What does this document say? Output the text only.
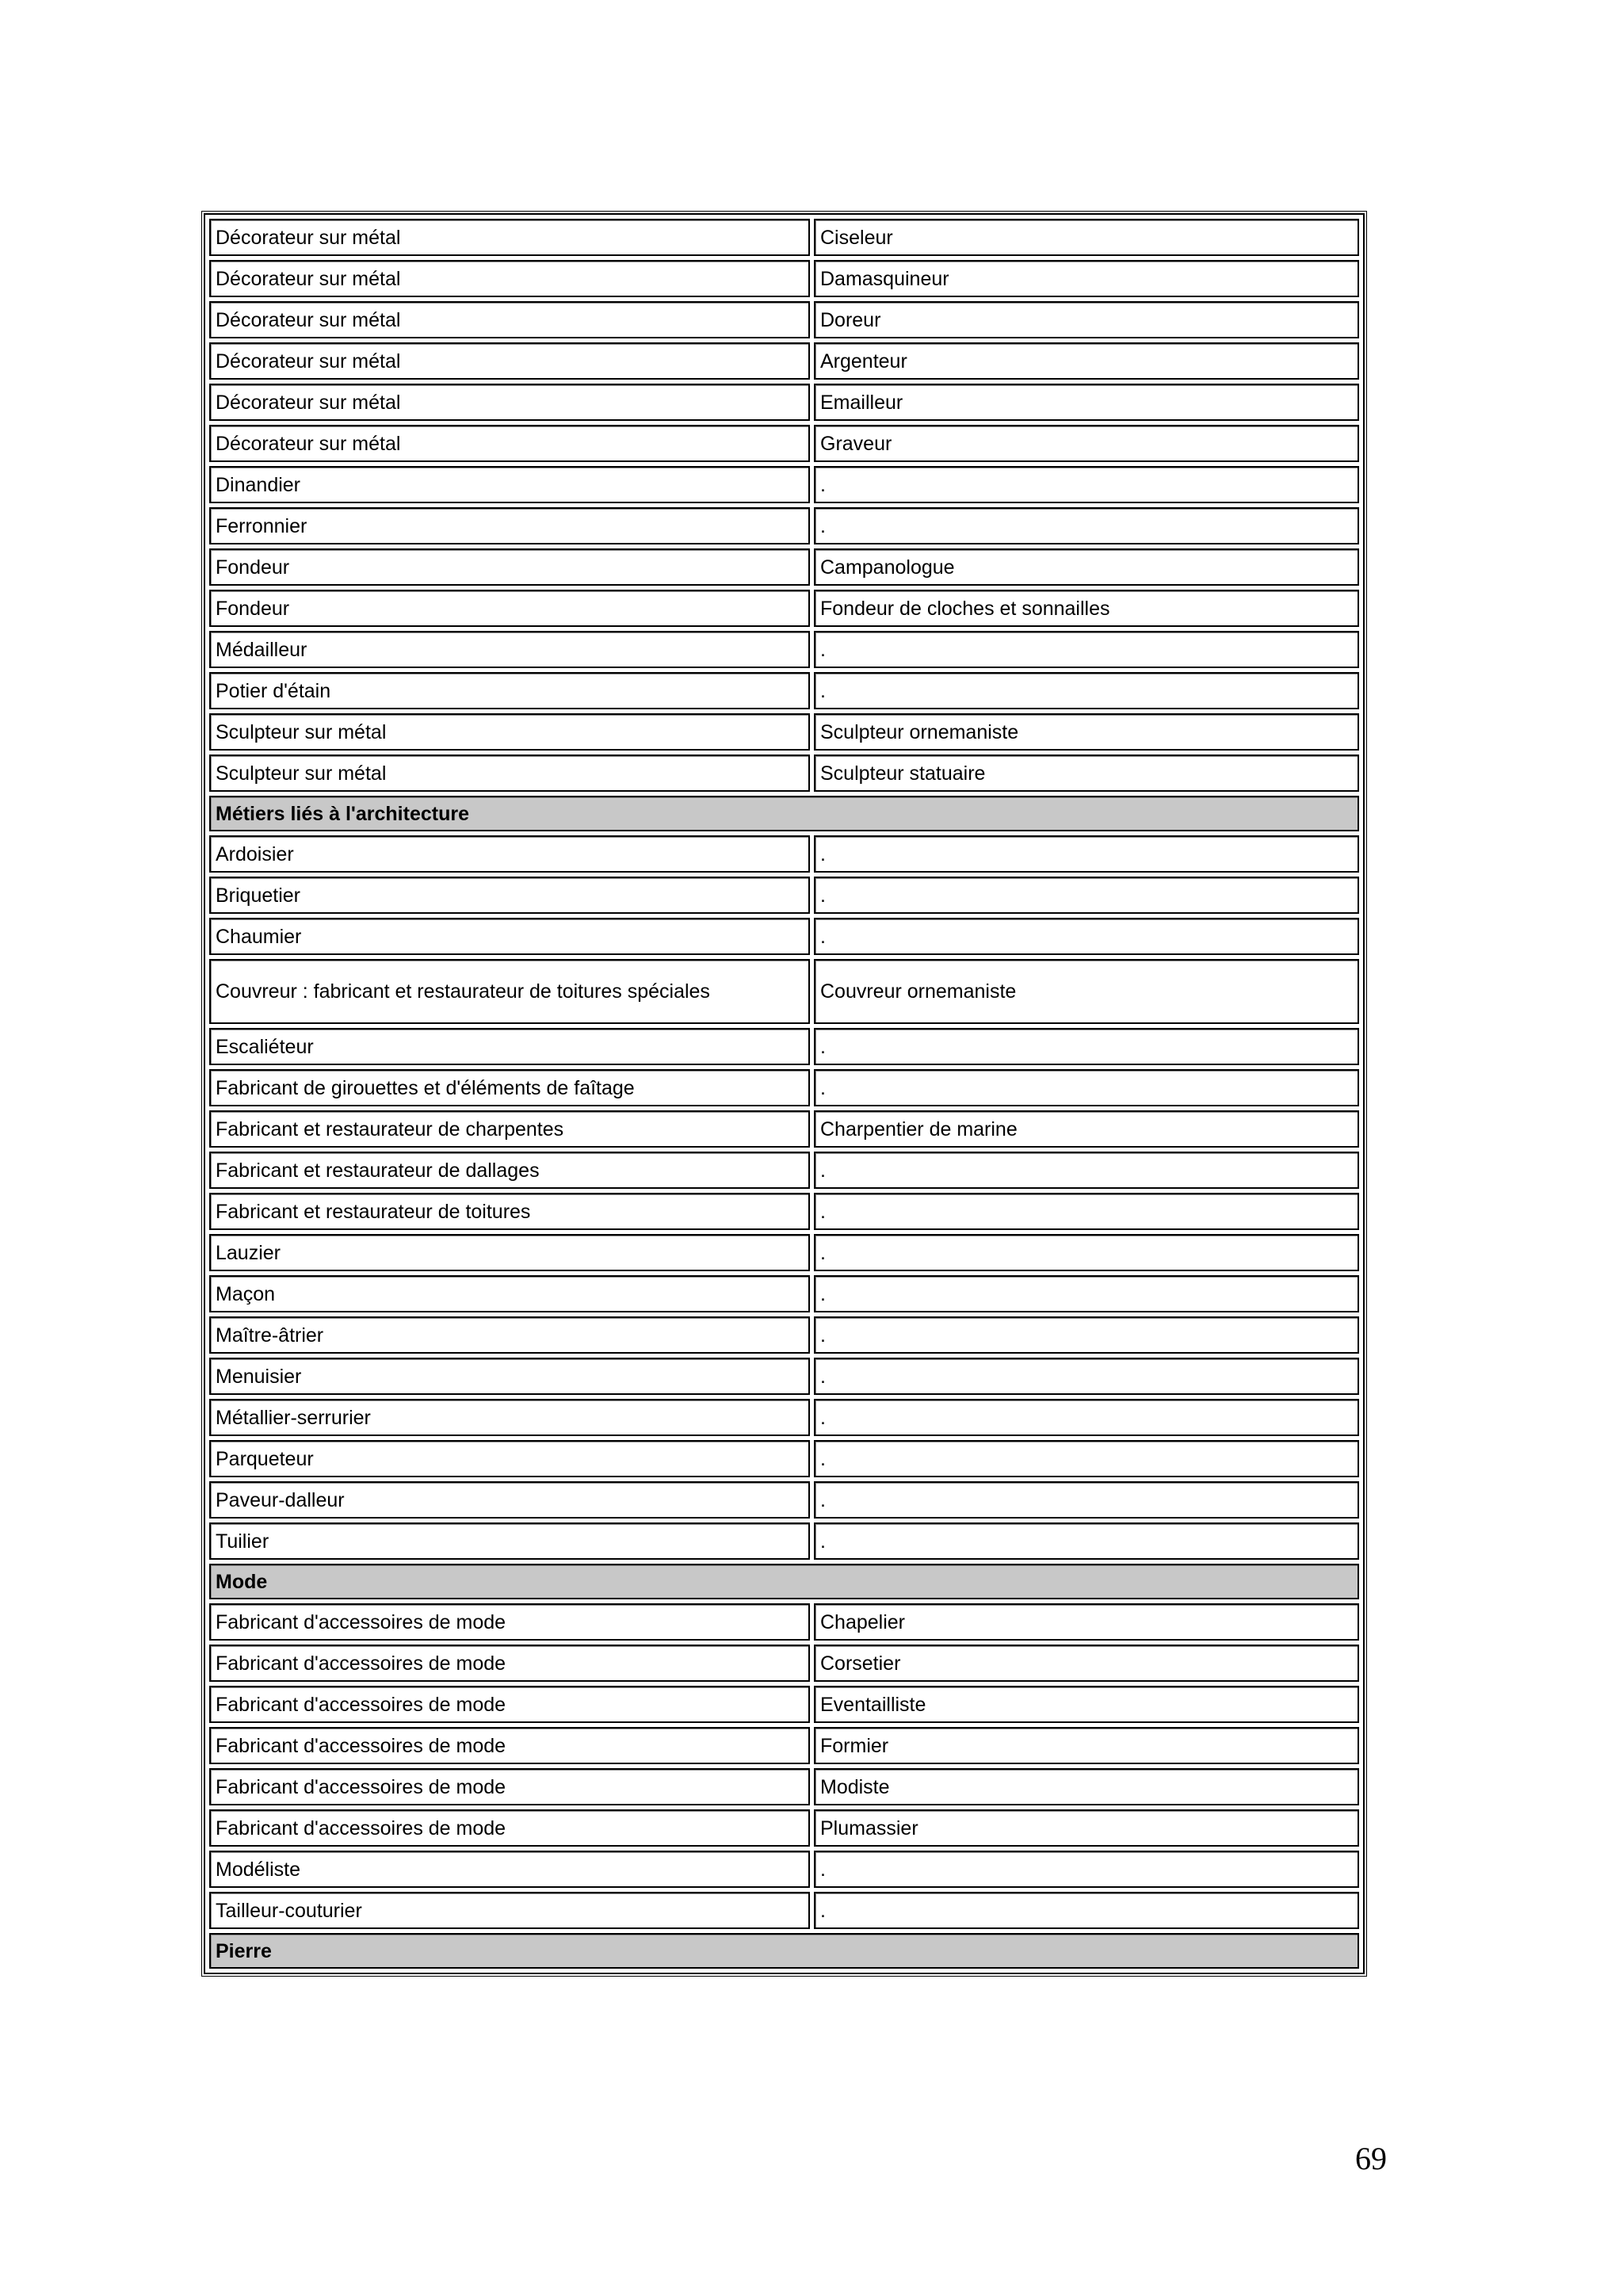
Décorateur sur métal	Ciseleur
Décorateur sur métal	Damasquineur
Décorateur sur métal	Doreur
Décorateur sur métal	Argenteur
Décorateur sur métal	Emailleur
Décorateur sur métal	Graveur
Dinandier	.
Ferronnier	.
Fondeur	Campanologue
Fondeur	Fondeur de cloches et sonnailles
Médailleur	.
Potier d'étain	.
Sculpteur sur métal	Sculpteur ornemaniste
Sculpteur sur métal	Sculpteur statuaire
Métiers liés à l'architecture	
Ardoisier	.
Briquetier	.
Chaumier	.
Couvreur : fabricant et restaurateur de toitures spéciales	Couvreur ornemaniste
Escaliéteur	.
Fabricant de girouettes et d'éléments de faîtage	.
Fabricant et restaurateur de charpentes	Charpentier de marine
Fabricant et restaurateur de dallages	.
Fabricant et restaurateur de toitures	.
Lauzier	.
Maçon	.
Maître-âtrier	.
Menuisier	.
Métallier-serrurier	.
Parqueteur	.
Paveur-dalleur	.
Tuilier	.
Mode	
Fabricant d'accessoires de mode	Chapelier
Fabricant d'accessoires de mode	Corsetier
Fabricant d'accessoires de mode	Eventailliste
Fabricant d'accessoires de mode	Formier
Fabricant d'accessoires de mode	Modiste
Fabricant d'accessoires de mode	Plumassier
Modéliste	.
Tailleur-couturier	.
Pierre	
69
